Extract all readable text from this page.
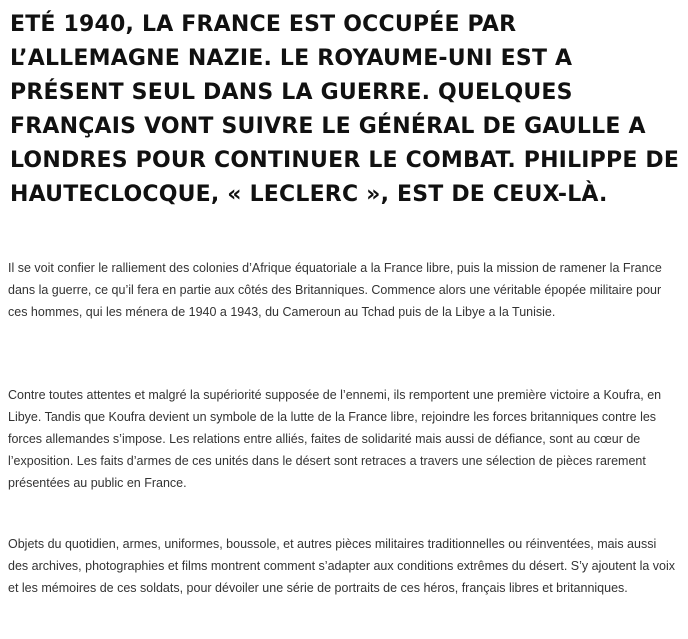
ETÉ 1940, LA FRANCE EST OCCUPÉE PAR L’ALLEMAGNE NAZIE. LE ROYAUME-UNI EST A PRÉSENT SEUL DANS LA GUERRE. QUELQUES FRANÇAIS VONT SUIVRE LE GÉNÉRAL DE GAULLE A LONDRES POUR CONTINUER LE COMBAT. PHILIPPE DE HAUTECLOCQUE, « LECLERC », EST DE CEUX-LÀ.

Il se voit confier le ralliement des colonies d’Afrique équatoriale a la France libre, puis la mission de ramener la France dans la guerre, ce qu’il fera en partie aux côtés des Britanniques. Commence alors une véritable épopée militaire pour ces hommes, qui les ménera de 1940 a 1943, du Cameroun au Tchad puis de la Libye a la Tunisie.

Contre toutes attentes et malgré la supériorité supposée de l’ennemi, ils remportent une première victoire a Koufra, en Libye. Tandis que Koufra devient un symbole de la lutte de la France libre, rejoindre les forces britanniques contre les forces allemandes s’impose. Les relations entre alliés, faites de solidarité mais aussi de défiance, sont au cœur de l’exposition. Les faits d’armes de ces unités dans le désert sont retraces a travers une sélection de pièces rarement présentées au public en France.

Objets du quotidien, armes, uniformes, boussole, et autres pièces militaires traditionnelles ou réinventées, mais aussi des archives, photographies et films montrent comment s’adapter aux conditions extrêmes du désert. S’y ajoutent la voix et les mémoires de ces soldats, pour dévoiler une série de portraits de ces héros, français libres et britanniques.
